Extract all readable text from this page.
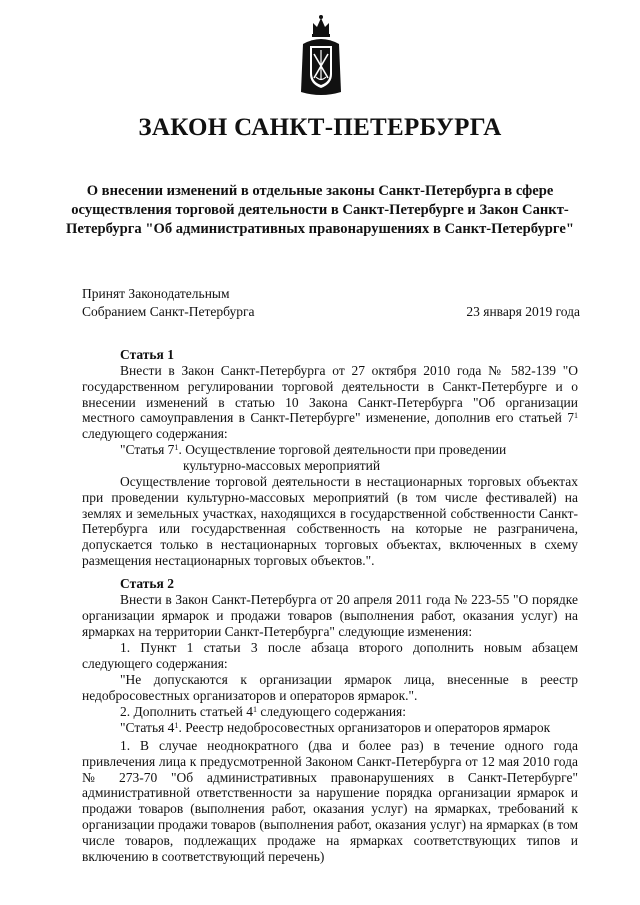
ЗАКОН САНКТ-ПЕТЕРБУРГА
О внесении изменений в отдельные законы Санкт-Петербурга в сфере осуществления торговой деятельности в Санкт-Петербурге и Закон Санкт-Петербурга "Об административных правонарушениях в Санкт-Петербурге"
Принят Законодательным
Собранием Санкт-Петербурга	23 января 2019 года
Статья 1
Внести в Закон Санкт-Петербурга от 27 октября 2010 года № 582-139 "О государственном регулировании торговой деятельности в Санкт-Петербурге и о внесении изменений в статью 10 Закона Санкт-Петербурга "Об организации местного самоуправления в Санкт-Петербурге" изменение, дополнив его статьей $7^1$ следующего содержания:
"Статья $7^1$. Осуществление торговой деятельности при проведении
культурно-массовых мероприятий
Осуществление торговой деятельности в нестационарных торговых объектах при проведении культурно-массовых мероприятий (в том числе фестивалей) на землях и земельных участках, находящихся в государственной собственности Санкт-Петербурга или государственная собственность на которые не разграничена, допускается только в нестационарных торговых объектах, включенных в схему размещения нестационарных торговых объектов.".
Статья 2
Внести в Закон Санкт-Петербурга от 20 апреля 2011 года № 223-55 "О порядке организации ярмарок и продажи товаров (выполнения работ, оказания услуг) на ярмарках на территории Санкт-Петербурга" следующие изменения:
1. Пункт 1 статьи 3 после абзаца второго дополнить новым абзацем следующего содержания:
"Не допускаются к организации ярмарок лица, внесенные в реестр недобросовестных организаторов и операторов ярмарок.".
2. Дополнить статьей $4^1$ следующего содержания:
"Статья $4^1$. Реестр недобросовестных организаторов и операторов ярмарок
1. В случае неоднократного (два и более раз) в течение одного года привлечения лица к предусмотренной Законом Санкт-Петербурга от 12 мая 2010 года № 273-70 "Об административных правонарушениях в Санкт-Петербурге" административной ответственности за нарушение порядка организации ярмарок и продажи товаров (выполнения работ, оказания услуг) на ярмарках, требований к организации продажи товаров (выполнения работ, оказания услуг) на ярмарках (в том числе товаров, подлежащих продаже на ярмарках соответствующих типов и включению в соответствующий перечень)
